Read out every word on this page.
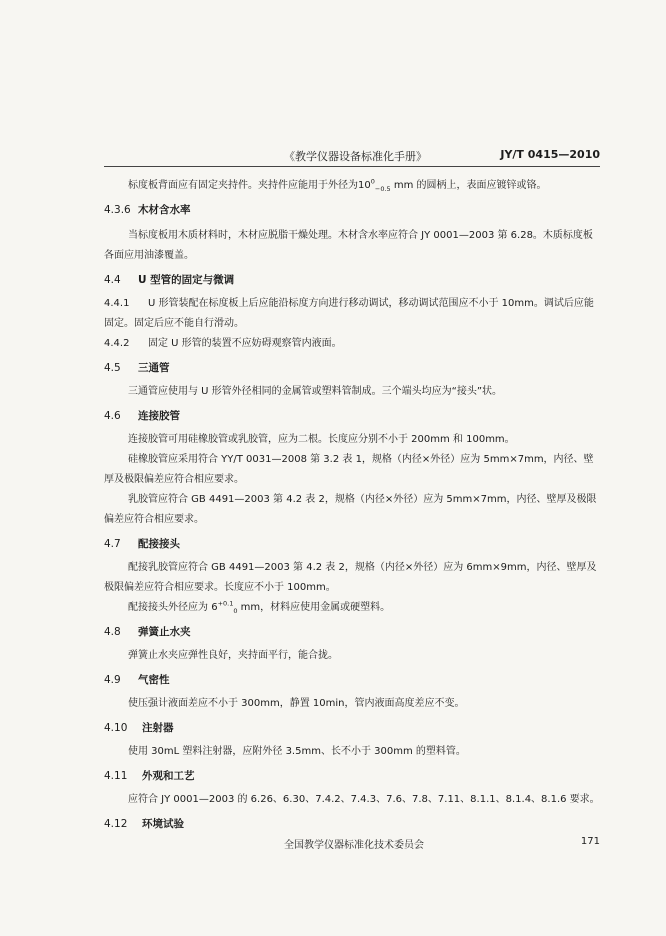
《教学仪器设备标准化手册》	JY/T 0415—2010

标度板背面应有固定夹持件。夹持件应能用于外径为$10^0_{-0.5}$ mm 的圆柄上，表面应镀锌或铬。

4.3.6 木材含水率

当标度板用木质材料时，木材应脱脂干燥处理。木材含水率应符合 JY 0001—2003 第 6.28。木质标度板各面应用油漆覆盖。

4.4 U 型管的固定与微调

4.4.1 U 形管装配在标度板上后应能沿标度方向进行移动调试，移动调试范围应不小于 10mm。调试后应能固定。固定后应不能自行滑动。

4.4.2 固定 U 形管的装置不应妨碍观察管内液面。

4.5 三通管

三通管应使用与 U 形管外径相同的金属管或塑料管制成。三个端头均应为“接头”状。

4.6 连接胶管

连接胶管可用硅橡胶管或乳胶管，应为二根。长度应分别不小于 200mm 和 100mm。

硅橡胶管应采用符合 YY/T 0031—2008 第 3.2 表 1，规格（内径×外径）应为 5mm×7mm，内径、壁厚及极限偏差应符合相应要求。

乳胶管应符合 GB 4491—2003 第 4.2 表 2，规格（内径×外径）应为 5mm×7mm，内径、壁厚及极限偏差应符合相应要求。

4.7 配接接头

配接乳胶管应符合 GB 4491—2003 第 4.2 表 2，规格（内径×外径）应为 6mm×9mm，内径、壁厚及极限偏差应符合相应要求。长度应不小于 100mm。

配接接头外径应为 $6^{+0.1}_0$ mm，材料应使用金属或硬塑料。

4.8 弹簧止水夹

弹簧止水夹应弹性良好，夹持面平行，能合拢。

4.9 气密性

使压强计液面差应不小于 300mm，静置 10min，管内液面高度差应不变。

4.10 注射器

使用 30mL 塑料注射器，应附外径 3.5mm、长不小于 300mm 的塑料管。

4.11 外观和工艺

应符合 JY 0001—2003 的 6.26、6.30、7.4.2、7.4.3、7.6、7.8、7.11、8.1.1、8.1.4、8.1.6 要求。

4.12 环境试验

全国教学仪器标准化技术委员会	171
